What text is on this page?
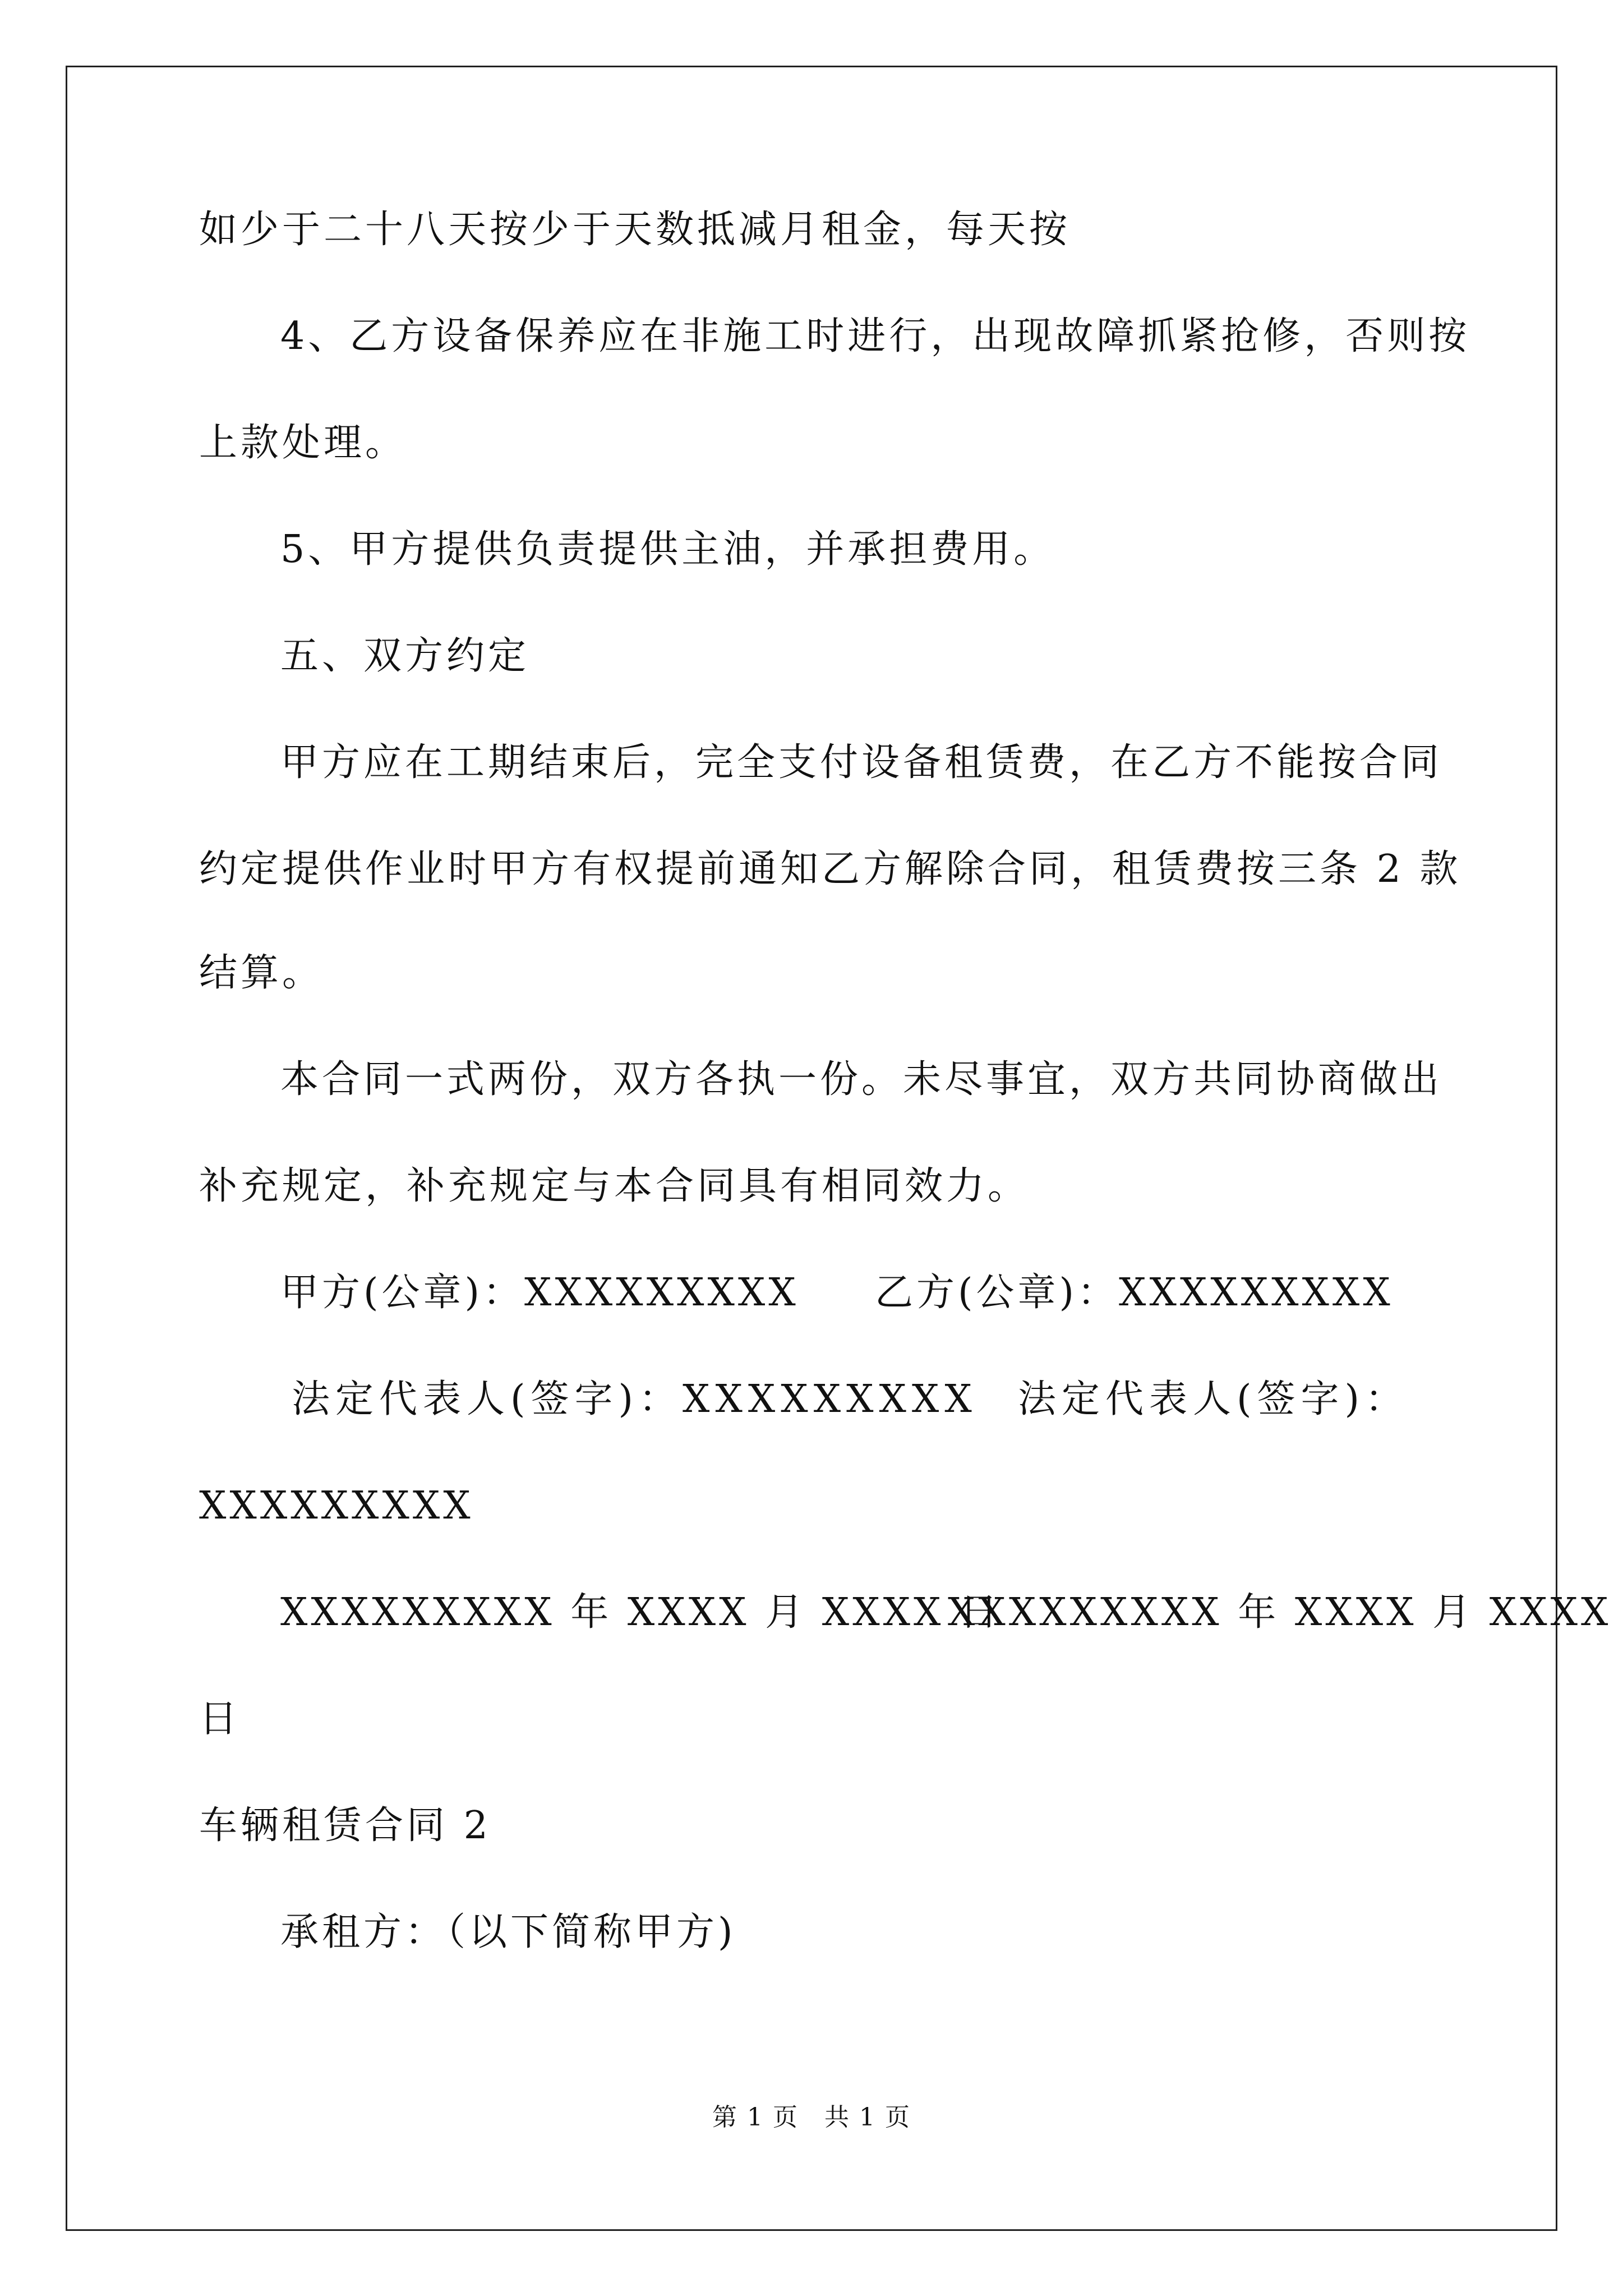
如少于二十八天按少于天数抵减月租金，每天按
4、乙方设备保养应在非施工时进行，出现故障抓紧抢修，否则按
上款处理。
5、甲方提供负责提供主油，并承担费用。
五、双方约定
甲方应在工期结束后，完全支付设备租赁费，在乙方不能按合同
约定提供作业时甲方有权提前通知乙方解除合同，租赁费按三条 2 款
结算。
本合同一式两份，双方各执一份。未尽事宜，双方共同协商做出
补充规定，补充规定与本合同具有相同效力。
甲方(公章)：XXXXXXXXX 乙方(公章)：XXXXXXXXX
法定代表人(签字)：XXXXXXXXX 法定代表人(签字)：
XXXXXXXXX
XXXXXXXXX 年 XXXX 月 XXXX 日
XXXXXXXXX 年 XXXX 月 XXXX
日
车辆租赁合同 2
承租方：（以下简称甲方)
第 1 页　共 1 页
